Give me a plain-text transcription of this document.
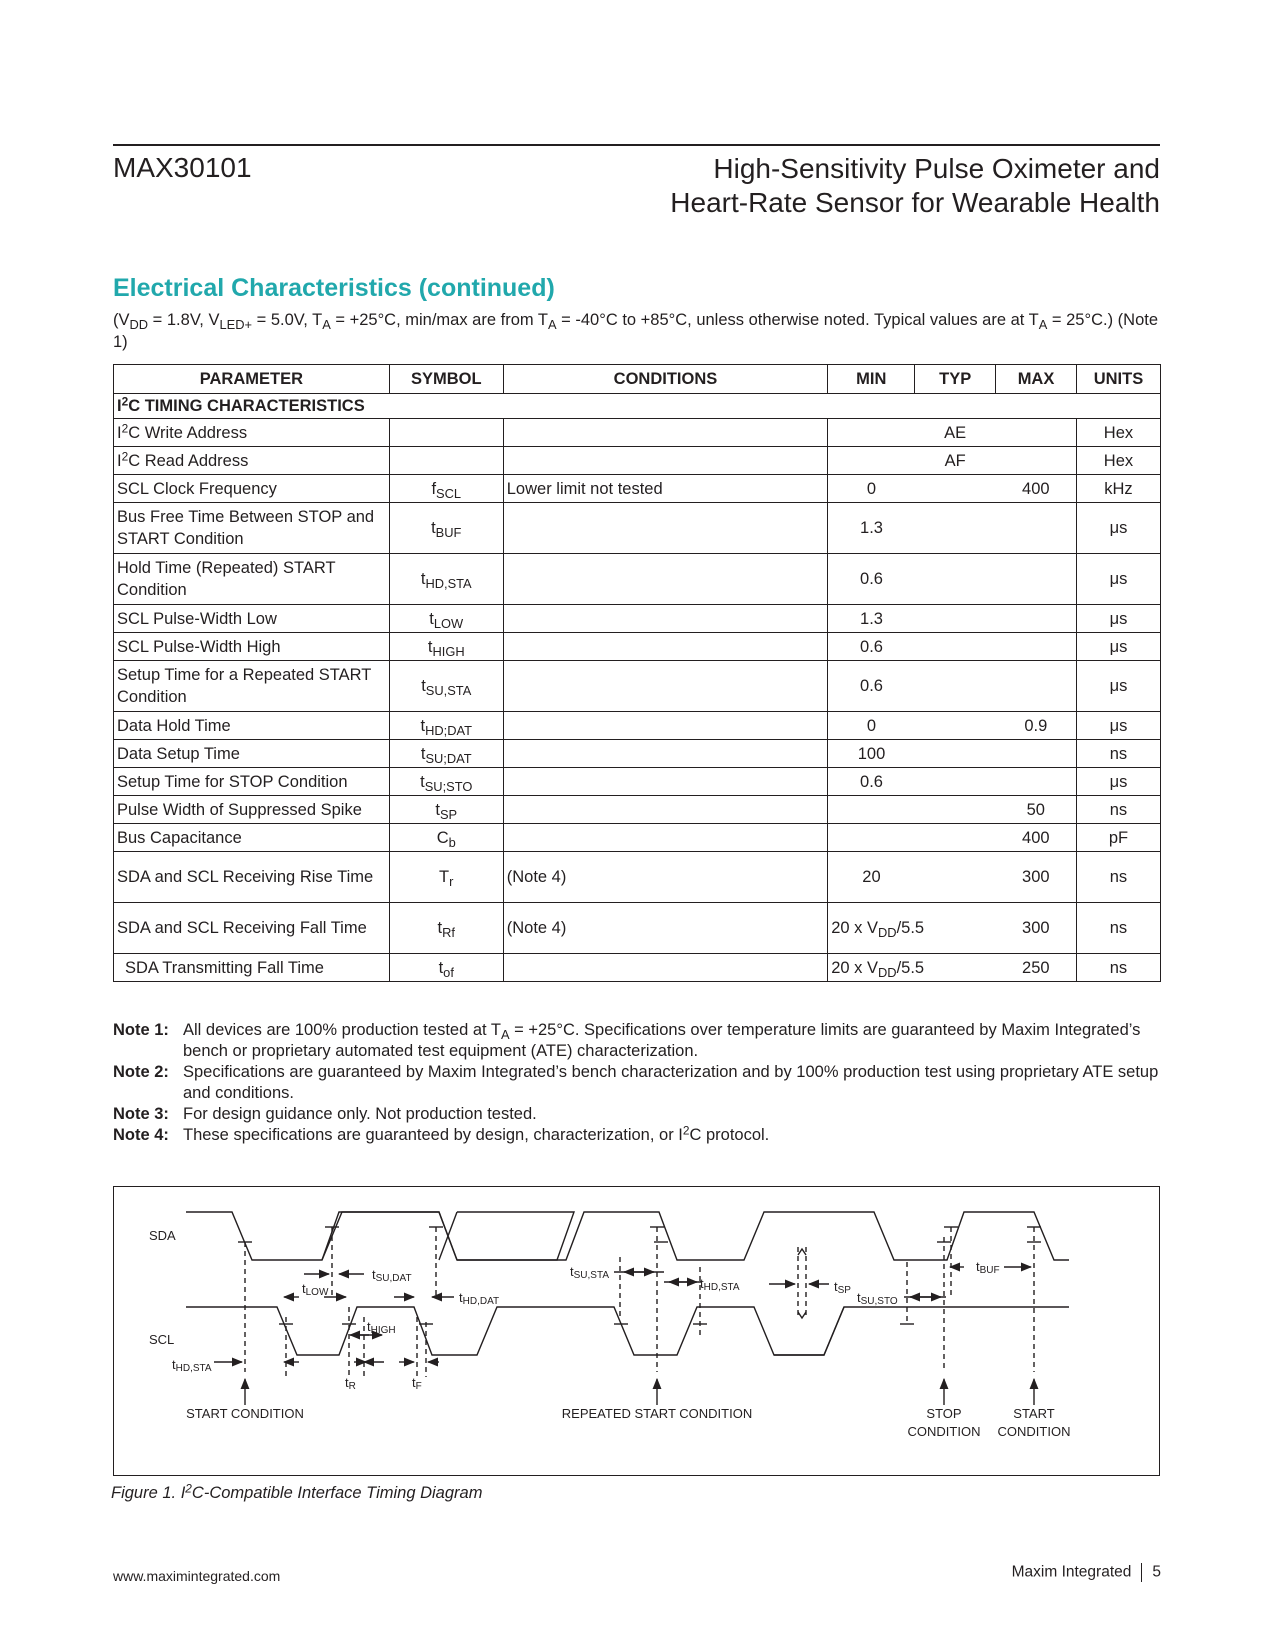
MAX30101	High-Sensitivity Pulse Oximeter and
Heart-Rate Sensor for Wearable Health
Electrical Characteristics (continued)
($V_{DD} = 1.8V$, $V_{LED+} = 5.0V$, $T_A = +25^\circ C$, min/max are from $T_A = -40^\circ C$ to +85°C, unless otherwise noted. Typical values are at $T_A = 25^\circ C$.) (Note 1)
PARAMETER	SYMBOL	CONDITIONS	MIN	TYP	MAX	UNITS
$I^2C$ TIMING CHARACTERISTICS						
$I^2C$ Write Address				AE		Hex
$I^2C$ Read Address				AF		Hex
SCL Clock Frequency	$f_{SCL}$	Lower limit not tested	0		400	kHz
Bus Free Time Between STOP and START Condition	$t_{BUF}$		1.3			μs
Hold Time (Repeated) START Condition	$t_{HD,STA}$		0.6			μs
SCL Pulse-Width Low	$t_{LOW}$		1.3			μs
SCL Pulse-Width High	$t_{HIGH}$		0.6			μs
Setup Time for a Repeated START Condition	$t_{SU,STA}$		0.6			μs
Data Hold Time	$t_{HD;DAT}$		0		0.9	μs
Data Setup Time	$t_{SU;DAT}$		100			ns
Setup Time for STOP Condition	$t_{SU;STO}$		0.6			μs
Pulse Width of Suppressed Spike	$t_{SP}$				50	ns
Bus Capacitance	$C_b$				400	pF
SDA and SCL Receiving Rise Time	$T_r$	(Note 4)	20		300	ns
SDA and SCL Receiving Fall Time	$t_{Rf}$	(Note 4)	20 x $V_{DD}/5.5$		300	ns
SDA Transmitting Fall Time	$t_{of}$		20 x $V_{DD}/5.5$		250	ns
Note 1: All devices are 100% production tested at $T_A = +25^\circ C$. Specifications over temperature limits are guaranteed by Maxim Integrated’s bench or proprietary automated test equipment (ATE) characterization.
Note 2: Specifications are guaranteed by Maxim Integrated’s bench characterization and by 100% production test using proprietary ATE setup and conditions.
Note 3: For design guidance only. Not production tested.
Note 4: These specifications are guaranteed by design, characterization, or $I^2C$ protocol.
SDA
SCL
tSU,DAT
tLOW	tHD,DAT
tHIGH
tHD,STA
tSU,STA
tHD,STA	tSP tSU,STO
tBUF
tR	tF
START CONDITION	REPEATED START CONDITION	STOP
CONDITION
START
CONDITION
Figure 1. $I^2C$-Compatible Interface Timing Diagram
www.maximintegrated.com	Maxim Integrated 5
